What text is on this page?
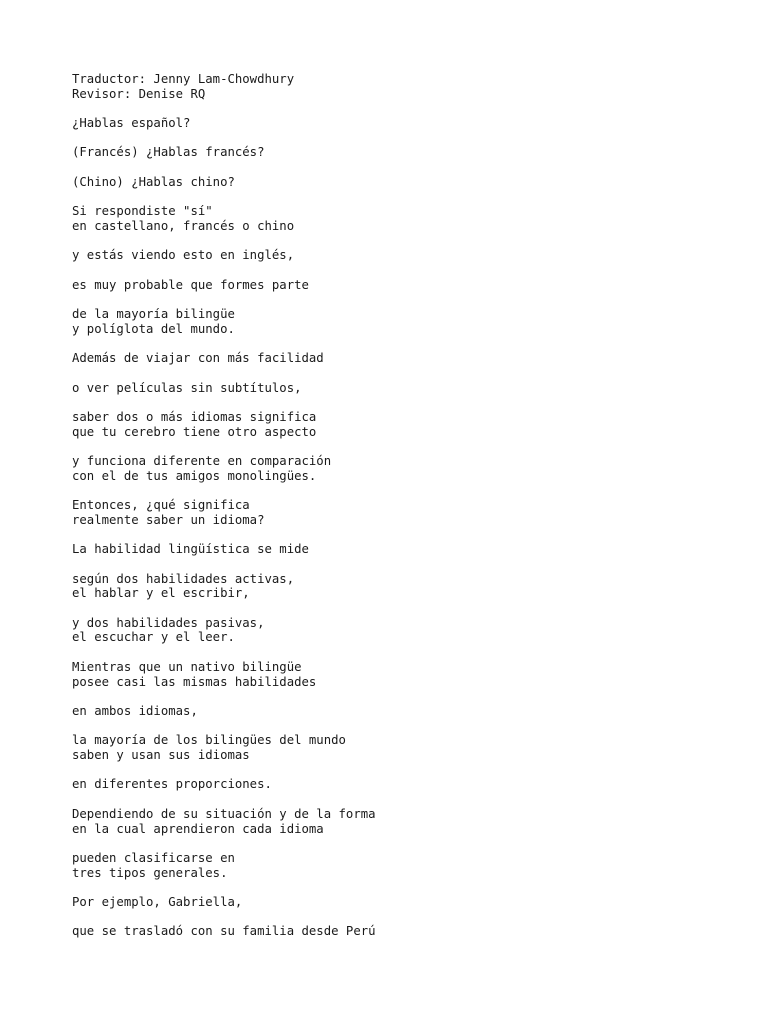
Traductor: Jenny Lam-Chowdhury
Revisor: Denise RQ
¿Hablas español?
(Francés) ¿Hablas francés?
(Chino) ¿Hablas chino?
Si respondiste "sí"
en castellano, francés o chino
y estás viendo esto en inglés,
es muy probable que formes parte
de la mayoría bilingüe
y políglota del mundo.
Además de viajar con más facilidad
o ver películas sin subtítulos,
saber dos o más idiomas significa
que tu cerebro tiene otro aspecto
y funciona diferente en comparación
con el de tus amigos monolingües.
Entonces, ¿qué significa
realmente saber un idioma?
La habilidad lingüística se mide
según dos habilidades activas,
el hablar y el escribir,
y dos habilidades pasivas,
el escuchar y el leer.
Mientras que un nativo bilingüe
posee casi las mismas habilidades
en ambos idiomas,
la mayoría de los bilingües del mundo
saben y usan sus idiomas
en diferentes proporciones.
Dependiendo de su situación y de la forma
en la cual aprendieron cada idioma
pueden clasificarse en
tres tipos generales.
Por ejemplo, Gabriella,
que se trasladó con su familia desde Perú
